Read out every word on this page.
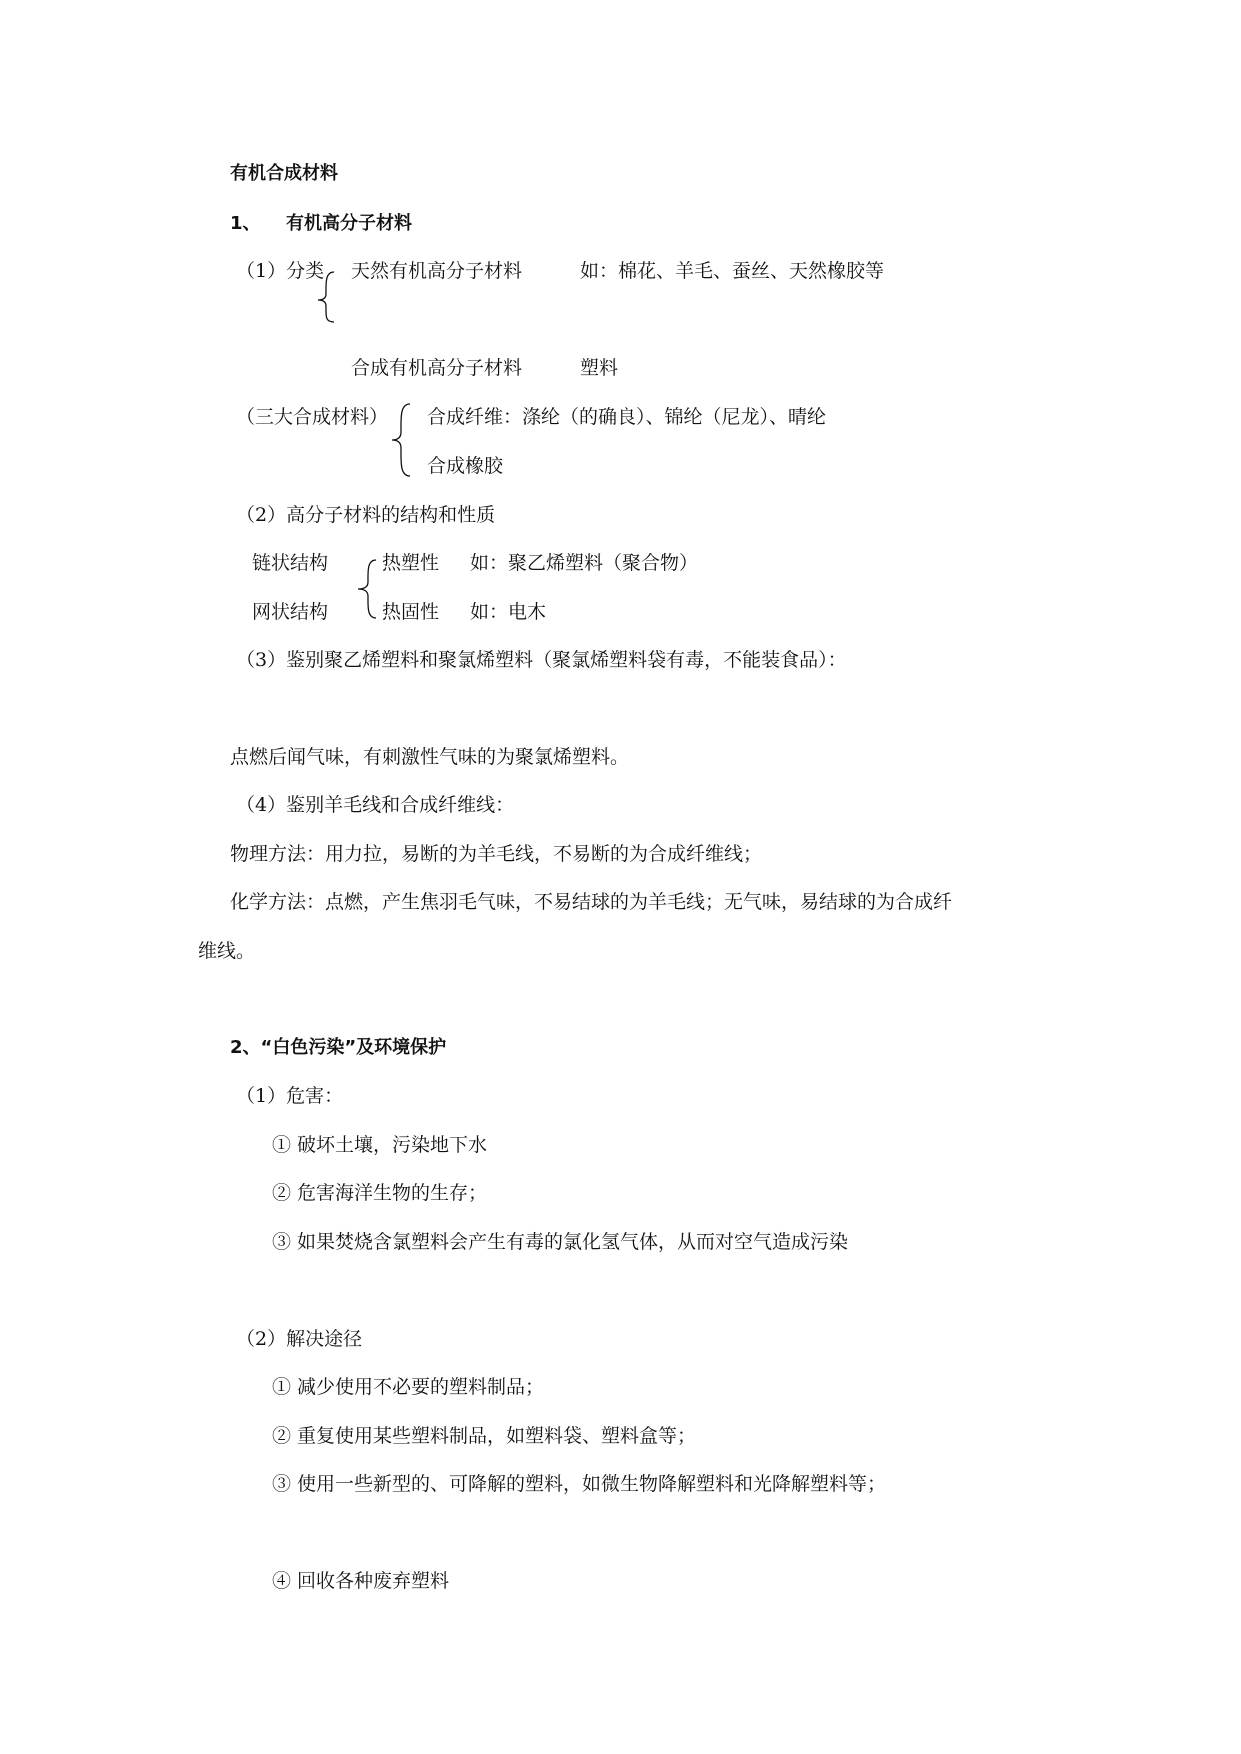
有机合成材料
1、 有机高分子材料
（1）分类 天然有机高分子材料	如：棉花、羊毛、蚕丝、天然橡胶等
合成有机高分子材料	塑料
（三大合成材料） 合成纤维：涤纶（的确良）、锦纶（尼龙）、晴纶
合成橡胶
（2）高分子材料的结构和性质
链状结构	热塑性 如：聚乙烯塑料（聚合物）
网状结构	热固性 如：电木
（3）鉴别聚乙烯塑料和聚氯烯塑料（聚氯烯塑料袋有毒，不能装食品）：
点燃后闻气味，有刺激性气味的为聚氯烯塑料。
（4）鉴别羊毛线和合成纤维线：
物理方法：用力拉，易断的为羊毛线，不易断的为合成纤维线；
化学方法：点燃，产生焦羽毛气味，不易结球的为羊毛线；无气味，易结球的为合成纤
维线。
2、“白色污染”及环境保护
（1）危害：
① 破坏土壤，污染地下水
② 危害海洋生物的生存；
③ 如果焚烧含氯塑料会产生有毒的氯化氢气体，从而对空气造成污染
（2）解决途径
① 减少使用不必要的塑料制品；
② 重复使用某些塑料制品，如塑料袋、塑料盒等；
③ 使用一些新型的、可降解的塑料，如微生物降解塑料和光降解塑料等；
④ 回收各种废弃塑料
